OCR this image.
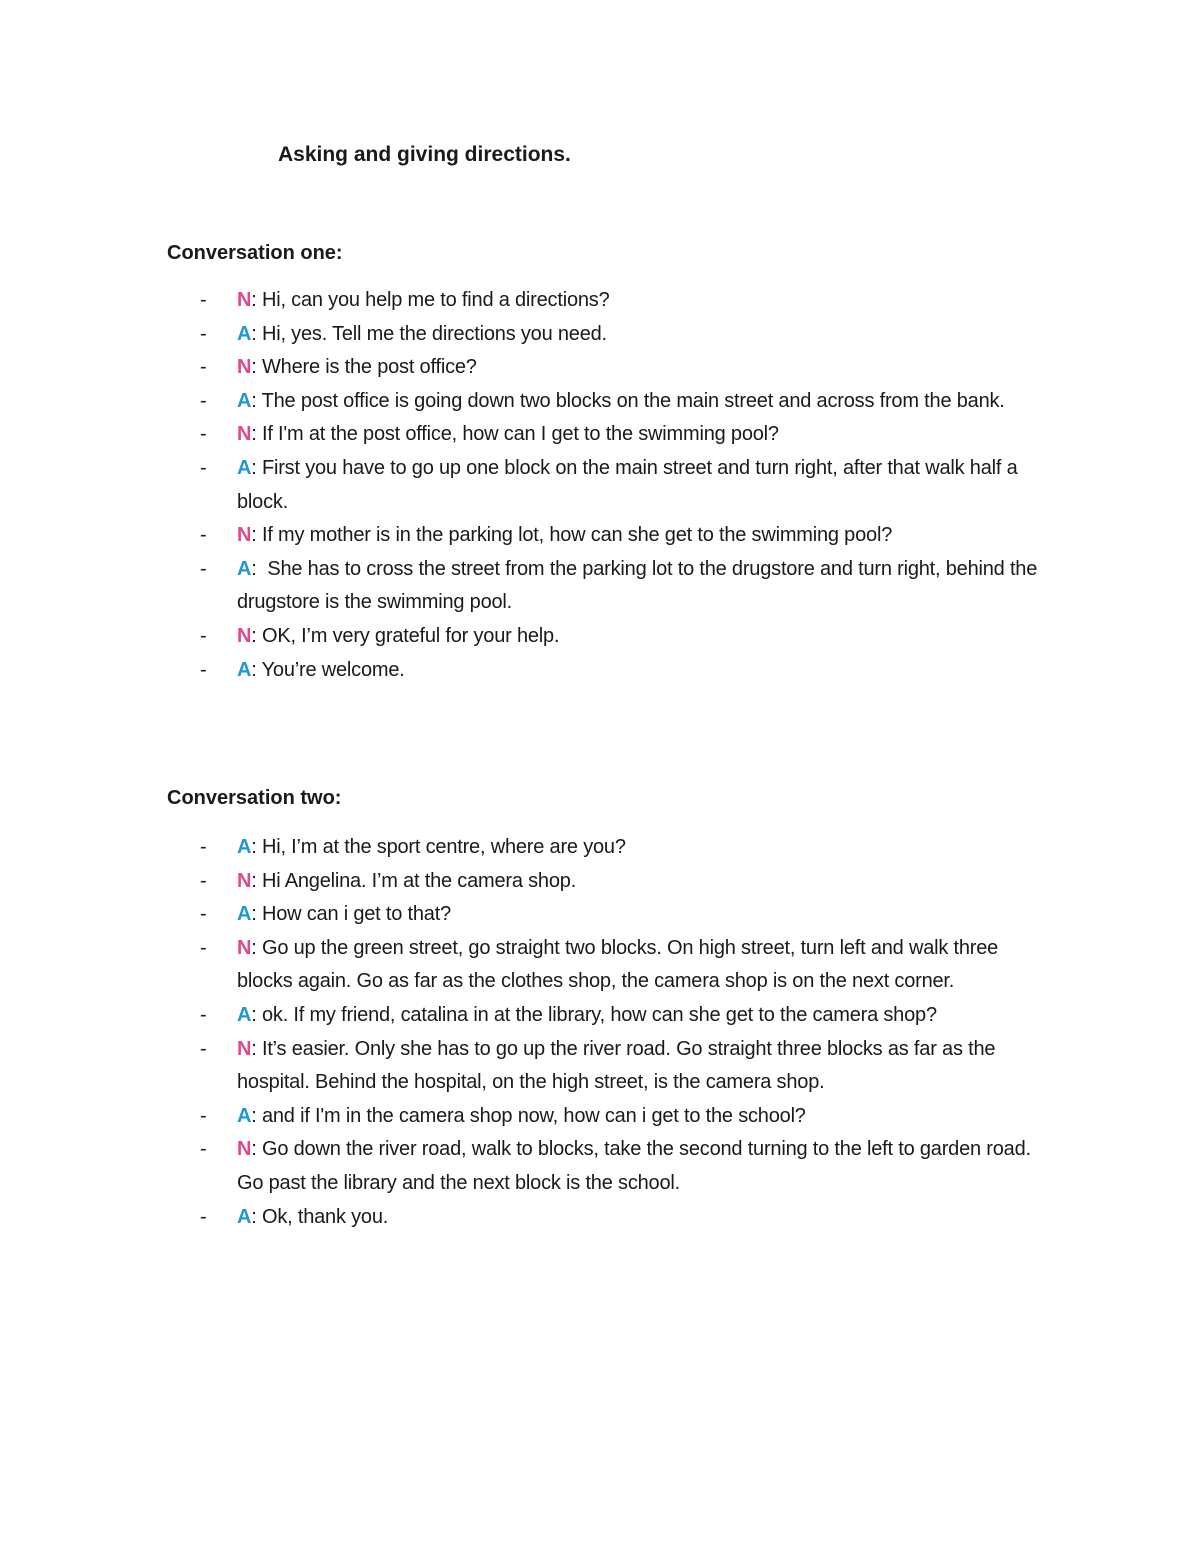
Asking and giving directions.
Conversation one:
- N: Hi, can you help me to find a directions?
- A: Hi, yes. Tell me the directions you need.
- N: Where is the post office?
- A: The post office is going down two blocks on the main street and across from the bank.
- N: If I'm at the post office, how can I get to the swimming pool?
- A: First you have to go up one block on the main street and turn right, after that walk half a block.
- N: If my mother is in the parking lot, how can she get to the swimming pool?
- A:  She has to cross the street from the parking lot to the drugstore and turn right, behind the drugstore is the swimming pool.
- N: OK, I’m very grateful for your help.
- A: You’re welcome.
Conversation two:
- A: Hi, I’m at the sport centre, where are you?
- N: Hi Angelina. I’m at the camera shop.
- A: How can i get to that?
- N: Go up the green street, go straight two blocks. On high street, turn left and walk three blocks again. Go as far as the clothes shop, the camera shop is on the next corner.
- A: ok. If my friend, catalina in at the library, how can she get to the camera shop?
- N: It’s easier. Only she has to go up the river road. Go straight three blocks as far as the hospital. Behind the hospital, on the high street, is the camera shop.
- A: and if I'm in the camera shop now, how can i get to the school?
- N: Go down the river road, walk to blocks, take the second turning to the left to garden road. Go past the library and the next block is the school.
- A: Ok, thank you.
